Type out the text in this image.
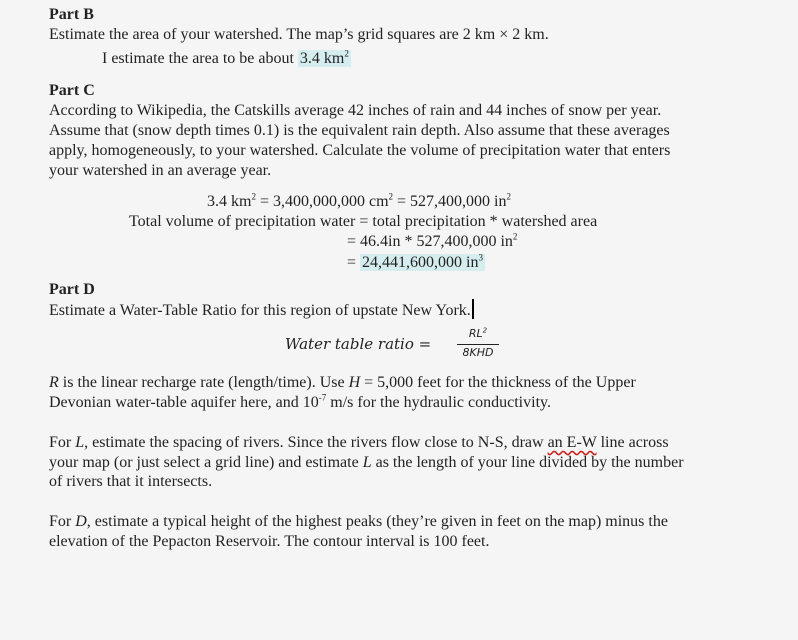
Part B
Estimate the area of your watershed. The map’s grid squares are 2 km × 2 km.
I estimate the area to be about 3.4 $km^2$
Part C
According to Wikipedia, the Catskills average 42 inches of rain and 44 inches of snow per year.
Assume that (snow depth times 0.1) is the equivalent rain depth. Also assume that these averages
apply, homogeneously, to your watershed. Calculate the volume of precipitation water that enters
your watershed in an average year.
3.4 $km^2 = 3,400,000,000$ $cm^2 = 527,400,000$ $in^2$
Total volume of precipitation water = total precipitation * watershed area
= 46.4in * 527,400,000 $in^2$
= 24,441,600,000 $in^3$
Part D
Estimate a Water-Table Ratio for this region of upstate New York.
Water table ratio =
$RL^2$
8KHD
R is the linear recharge rate (length/time). Use H = 5,000 feet for the thickness of the Upper
Devonian water-table aquifer here, and $10^{-7}$ m/s for the hydraulic conductivity.
For L, estimate the spacing of rivers. Since the rivers flow close to N-S, draw an E-W line across
your map (or just select a grid line) and estimate L as the length of your line divided by the number
of rivers that it intersects.
For D, estimate a typical height of the highest peaks (they’re given in feet on the map) minus the
elevation of the Pepacton Reservoir. The contour interval is 100 feet.
